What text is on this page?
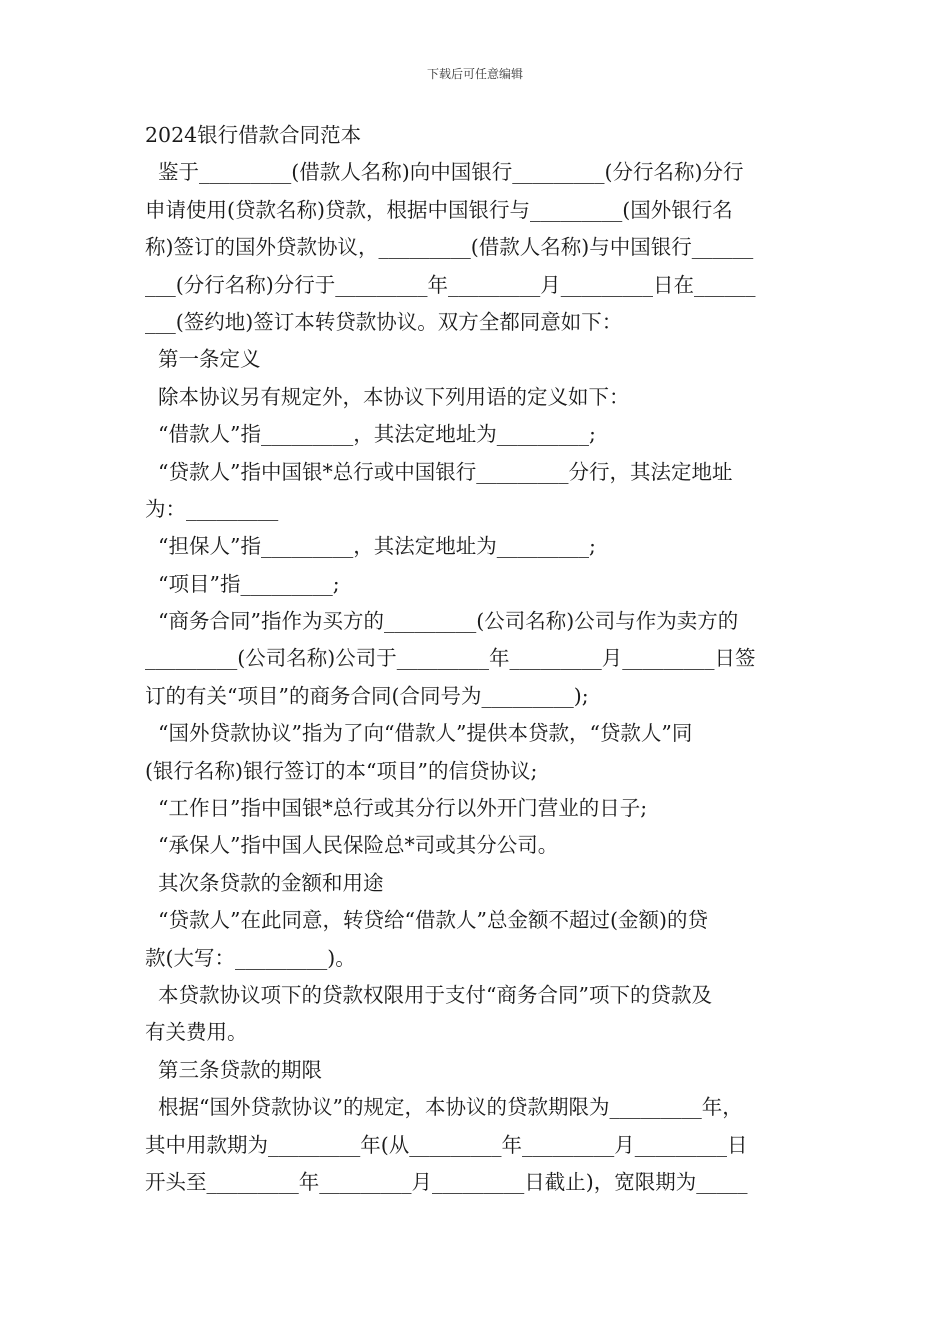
下载后可任意编辑
2024银行借款合同范本
鉴于_________(借款人名称)向中国银行_________(分行名称)分行
申请使用(贷款名称)贷款，根据中国银行与_________(国外银行名
称)签订的国外贷款协议，_________(借款人名称)与中国银行______
___(分行名称)分行于_________年_________月_________日在______
___(签约地)签订本转贷款协议。双方全都同意如下：
第一条定义
除本协议另有规定外，本协议下列用语的定义如下：
“借款人”指_________，其法定地址为_________;
“贷款人”指中国银*总行或中国银行_________分行，其法定地址
为：_________
“担保人”指_________，其法定地址为_________;
“项目”指_________;
“商务合同”指作为买方的_________(公司名称)公司与作为卖方的
_________(公司名称)公司于_________年_________月_________日签
订的有关“项目”的商务合同(合同号为_________);
“国外贷款协议”指为了向“借款人”提供本贷款，“贷款人”同
(银行名称)银行签订的本“项目”的信贷协议;
“工作日”指中国银*总行或其分行以外开门营业的日子;
“承保人”指中国人民保险总*司或其分公司。
其次条贷款的金额和用途
“贷款人”在此同意，转贷给“借款人”总金额不超过(金额)的贷
款(大写：_________)。
本贷款协议项下的贷款权限用于支付“商务合同”项下的贷款及
有关费用。
第三条贷款的期限
根据“国外贷款协议”的规定，本协议的贷款期限为_________年，
其中用款期为_________年(从_________年_________月_________日
开头至_________年_________月_________日截止)，宽限期为_____
